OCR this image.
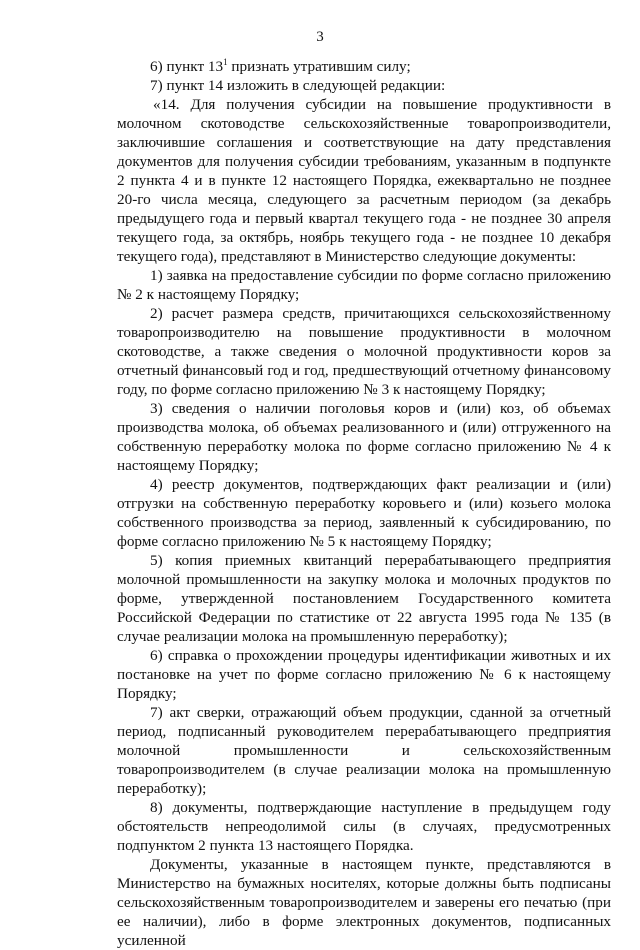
3

6) пункт $13^1$ признать утратившим силу;

7) пункт 14 изложить в следующей редакции:

«14. Для получения субсидии на повышение продуктивности в молочном скотоводстве сельскохозяйственные товаропроизводители, заключившие соглашения и соответствующие на дату представления документов для получения субсидии требованиям, указанным в подпункте 2 пункта 4 и в пункте 12 настоящего Порядка, ежеквартально не позднее 20-го числа месяца, следующего за расчетным периодом (за декабрь предыдущего года и первый квартал текущего года - не позднее 30 апреля текущего года, за октябрь, ноябрь текущего года - не позднее 10 декабря текущего года), представляют в Министерство следующие документы:

1) заявка на предоставление субсидии по форме согласно приложению № 2 к настоящему Порядку;

2) расчет размера средств, причитающихся сельскохозяйственному товаропроизводителю на повышение продуктивности в молочном скотоводстве, а также сведения о молочной продуктивности коров за отчетный финансовый год и год, предшествующий отчетному финансовому году, по форме согласно приложению № 3 к настоящему Порядку;

3) сведения о наличии поголовья коров и (или) коз, об объемах производства молока, об объемах реализованного и (или) отгруженного на собственную переработку молока по форме согласно приложению № 4 к настоящему Порядку;

4) реестр документов, подтверждающих факт реализации и (или) отгрузки на собственную переработку коровьего и (или) козьего молока собственного производства за период, заявленный к субсидированию, по форме согласно приложению № 5 к настоящему Порядку;

5) копия приемных квитанций перерабатывающего предприятия молочной промышленности на закупку молока и молочных продуктов по форме, утвержденной постановлением Государственного комитета Российской Федерации по статистике от 22 августа 1995 года № 135 (в случае реализации молока на промышленную переработку);

6) справка о прохождении процедуры идентификации животных и их постановке на учет по форме согласно приложению № 6 к настоящему Порядку;

7) акт сверки, отражающий объем продукции, сданной за отчетный период, подписанный руководителем перерабатывающего предприятия молочной промышленности и сельскохозяйственным товаропроизводителем (в случае реализации молока на промышленную переработку);

8) документы, подтверждающие наступление в предыдущем году обстоятельств непреодолимой силы (в случаях, предусмотренных подпунктом 2 пункта 13 настоящего Порядка.

Документы, указанные в настоящем пункте, представляются в Министерство на бумажных носителях, которые должны быть подписаны сельскохозяйственным товаропроизводителем и заверены его печатью (при ее наличии), либо в форме электронных документов, подписанных усиленной
